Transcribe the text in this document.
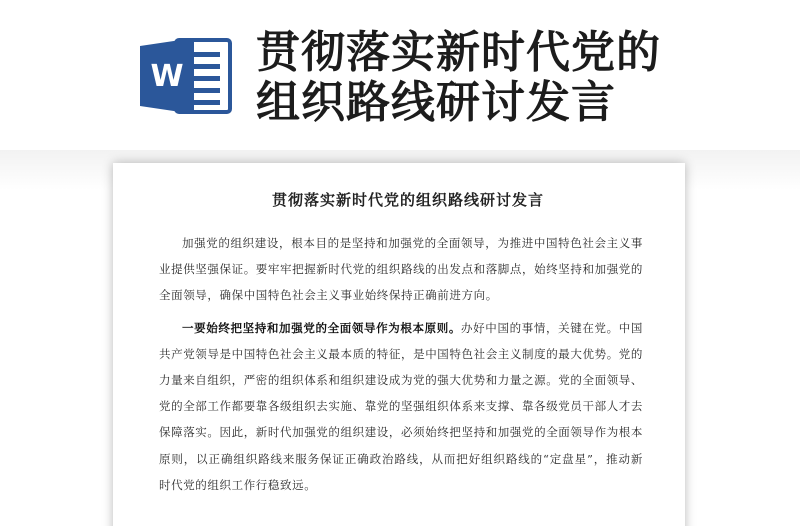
W 贯彻落实新时代党的
组织路线研讨发言
贯彻落实新时代党的组织路线研讨发言

加强党的组织建设，根本目的是坚持和加强党的全面领导，为推进中国特色社会主义事业提供坚强保证。要牢牢把握新时代党的组织路线的出发点和落脚点，始终坚持和加强党的全面领导，确保中国特色社会主义事业始终保持正确前进方向。

一要始终把坚持和加强党的全面领导作为根本原则。办好中国的事情，关键在党。中国共产党领导是中国特色社会主义最本质的特征，是中国特色社会主义制度的最大优势。党的力量来自组织，严密的组织体系和组织建设成为党的强大优势和力量之源。党的全面领导、党的全部工作都要靠各级组织去实施、靠党的坚强组织体系来支撑、靠各级党员干部人才去保障落实。因此，新时代加强党的组织建设，必须始终把坚持和加强党的全面领导作为根本原则，以正确组织路线来服务保证正确政治路线，从而把好组织路线的“定盘星”，推动新时代党的组织工作行稳致远。
